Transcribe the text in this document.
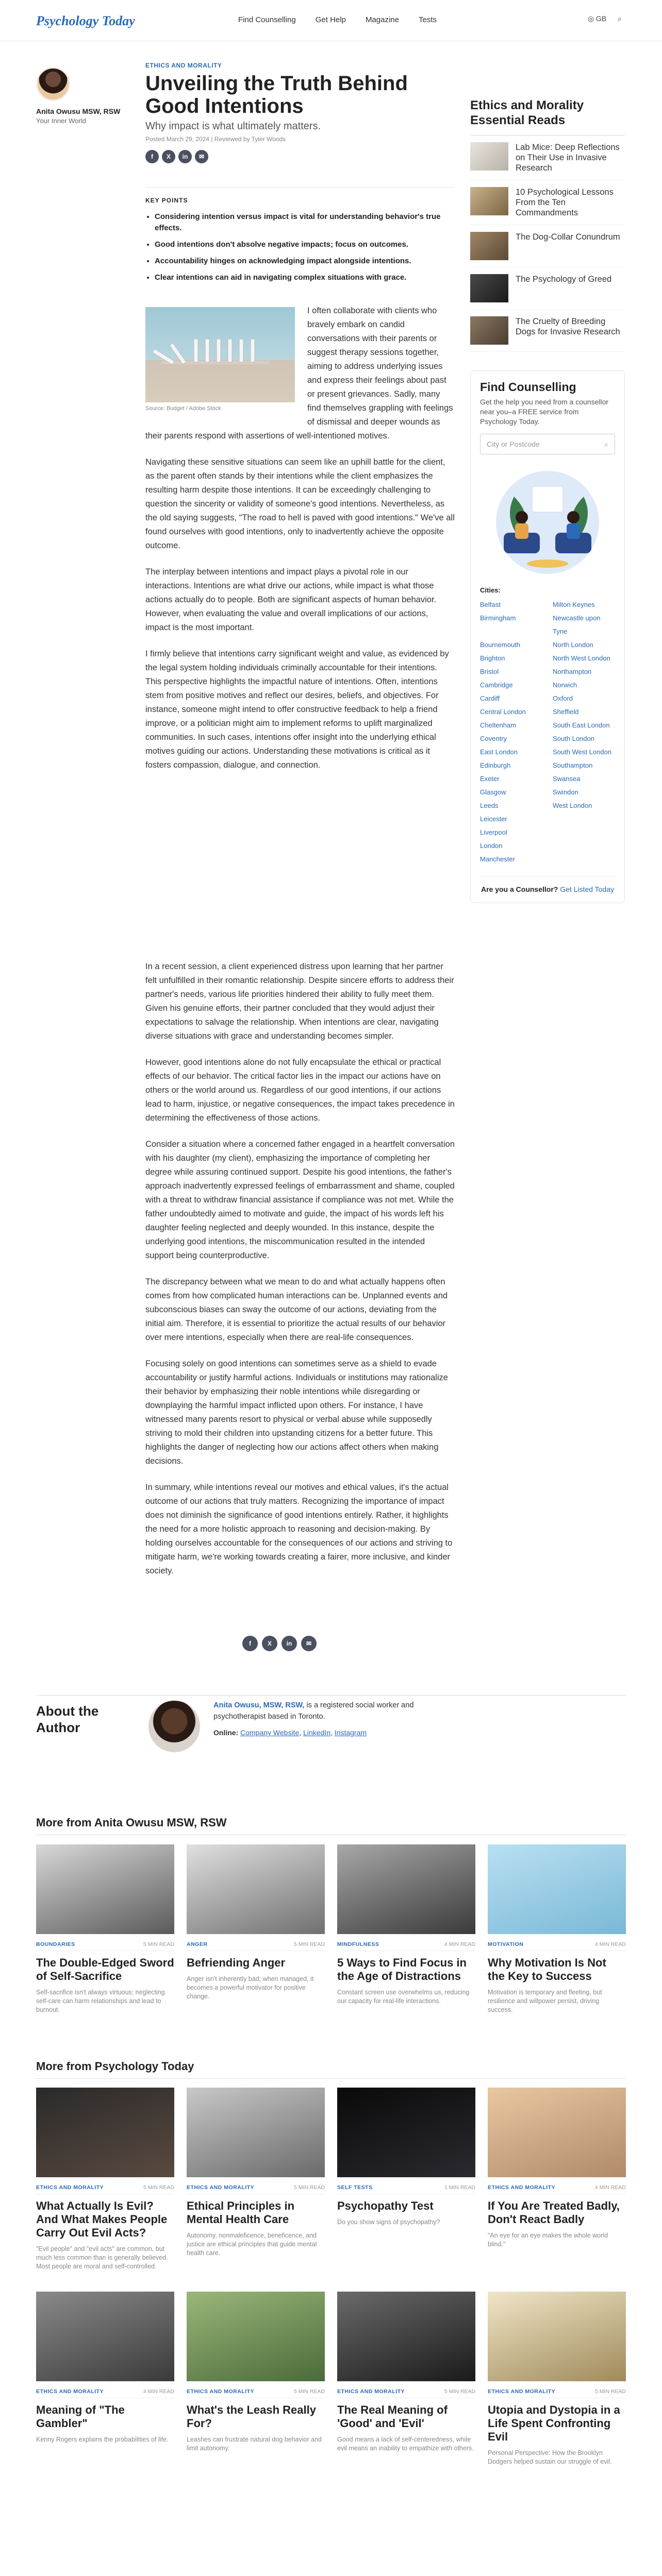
Psychology Today	Find Counselling	Get Help	Magazine	Tests	◎ GB ⌕
Anita Owusu MSW, RSW
Your Inner World
ETHICS AND MORALITY
Unveiling the Truth Behind Good Intentions
Why impact is what ultimately matters.
Posted March 29, 2024 | Reviewed by Tyler Woods
f	X	in	✉
KEY POINTS
• Considering intention versus impact is vital for understanding behavior's true effects.
• Good intentions don't absolve negative impacts; focus on outcomes.
• Accountability hinges on acknowledging impact alongside intentions.
• Clear intentions can aid in navigating complex situations with grace.
Source: Budget / Adobe Stock

I often collaborate with clients who bravely embark on candid conversations with their parents or suggest therapy sessions together, aiming to address underlying issues and express their feelings about past or present grievances. Sadly, many find themselves grappling with feelings of dismissal and deeper wounds as their parents respond with assertions of well-intentioned motives.

Navigating these sensitive situations can seem like an uphill battle for the client, as the parent often stands by their intentions while the client emphasizes the resulting harm despite those intentions. It can be exceedingly challenging to question the sincerity or validity of someone's good intentions. Nevertheless, as the old saying suggests, "The road to hell is paved with good intentions." We've all found ourselves with good intentions, only to inadvertently achieve the opposite outcome.

The interplay between intentions and impact plays a pivotal role in our interactions. Intentions are what drive our actions, while impact is what those actions actually do to people. Both are significant aspects of human behavior. However, when evaluating the value and overall implications of our actions, impact is the most important.

I firmly believe that intentions carry significant weight and value, as evidenced by the legal system holding individuals criminally accountable for their intentions. This perspective highlights the impactful nature of intentions. Often, intentions stem from positive motives and reflect our desires, beliefs, and objectives. For instance, someone might intend to offer constructive feedback to help a friend improve, or a politician might aim to implement reforms to uplift marginalized communities. In such cases, intentions offer insight into the underlying ethical motives guiding our actions. Understanding these motivations is critical as it fosters compassion, dialogue, and connection.

In a recent session, a client experienced distress upon learning that her partner felt unfulfilled in their romantic relationship. Despite sincere efforts to address their partner's needs, various life priorities hindered their ability to fully meet them. Given his genuine efforts, their partner concluded that they would adjust their expectations to salvage the relationship. When intentions are clear, navigating diverse situations with grace and understanding becomes simpler.

However, good intentions alone do not fully encapsulate the ethical or practical effects of our behavior. The critical factor lies in the impact our actions have on others or the world around us. Regardless of our good intentions, if our actions lead to harm, injustice, or negative consequences, the impact takes precedence in determining the effectiveness of those actions.

Consider a situation where a concerned father engaged in a heartfelt conversation with his daughter (my client), emphasizing the importance of completing her degree while assuring continued support. Despite his good intentions, the father's approach inadvertently expressed feelings of embarrassment and shame, coupled with a threat to withdraw financial assistance if compliance was not met. While the father undoubtedly aimed to motivate and guide, the impact of his words left his daughter feeling neglected and deeply wounded. In this instance, despite the underlying good intentions, the miscommunication resulted in the intended support being counterproductive.

The discrepancy between what we mean to do and what actually happens often comes from how complicated human interactions can be. Unplanned events and subconscious biases can sway the outcome of our actions, deviating from the initial aim. Therefore, it is essential to prioritize the actual results of our behavior over mere intentions, especially when there are real-life consequences.

Focusing solely on good intentions can sometimes serve as a shield to evade accountability or justify harmful actions. Individuals or institutions may rationalize their behavior by emphasizing their noble intentions while disregarding or downplaying the harmful impact inflicted upon others. For instance, I have witnessed many parents resort to physical or verbal abuse while supposedly striving to mold their children into upstanding citizens for a better future. This highlights the danger of neglecting how our actions affect others when making decisions.

In summary, while intentions reveal our motives and ethical values, it's the actual outcome of our actions that truly matters. Recognizing the importance of impact does not diminish the significance of good intentions entirely. Rather, it highlights the need for a more holistic approach to reasoning and decision-making. By holding ourselves accountable for the consequences of our actions and striving to mitigate harm, we're working towards creating a fairer, more inclusive, and kinder society.

Ethics and Morality Essential Reads
Lab Mice: Deep Reflections on Their Use in Invasive Research
10 Psychological Lessons From the Ten Commandments
The Dog-Collar Conundrum
The Psychology of Greed
The Cruelty of Breeding Dogs for Invasive Research
Find Counselling
Get the help you need from a counsellor near you–a FREE service from Psychology Today.
City or Postcode	⌕
Cities:
Belfast	Milton Keynes
Birmingham	Newcastle upon Tyne
Bournemouth	North London
Brighton	North West London
Bristol	Northampton
Cambridge	Norwich
Cardiff	Oxford
Central London	Sheffield
Cheltenham	South East London
Coventry	South London
East London	South West London
Edinburgh	Southampton
Exeter	Swansea
Glasgow	Swindon
Leeds	West London
Leicester
Liverpool
London
Manchester
Are you a Counsellor? Get Listed Today
f	X	in	✉
About the Author
Anita Owusu, MSW, RSW, is a registered social worker and psychotherapist based in Toronto.
Online: Company Website, LinkedIn, Instagram
More from Anita Owusu MSW, RSW
BOUNDARIES	5 MIN READ
The Double-Edged Sword of Self-Sacrifice
Self-sacrifice isn't always virtuous; neglecting self-care can harm relationships and lead to burnout.
ANGER	5 MIN READ
Befriending Anger
Anger isn't inherently bad; when managed, it becomes a powerful motivator for positive change.
MINDFULNESS	4 MIN READ
5 Ways to Find Focus in the Age of Distractions
Constant screen use overwhelms us, reducing our capacity for real-life interactions.
MOTIVATION	4 MIN READ
Why Motivation Is Not the Key to Success
Motivation is temporary and fleeting, but resilience and willpower persist, driving success.
More from Psychology Today
ETHICS AND MORALITY	5 MIN READ
What Actually Is Evil? And What Makes People Carry Out Evil Acts?
"Evil people" and "evil acts" are common, but much less common than is generally believed. Most people are moral and self-controlled.
ETHICS AND MORALITY	5 MIN READ
Ethical Principles in Mental Health Care
Autonomy, nonmaleficence, beneficence, and justice are ethical principles that guide mental health care.
SELF TESTS	1 MIN READ
Psychopathy Test
Do you show signs of psychopathy?
ETHICS AND MORALITY	4 MIN READ
If You Are Treated Badly, Don't React Badly
"An eye for an eye makes the whole world blind."
ETHICS AND MORALITY	4 MIN READ
Meaning of "The Gambler"
Kenny Rogers explains the probabilities of life.
ETHICS AND MORALITY	5 MIN READ
What's the Leash Really For?
Leashes can frustrate natural dog behavior and limit autonomy.
ETHICS AND MORALITY	5 MIN READ
The Real Meaning of 'Good' and 'Evil'
Good means a lack of self-centeredness, while evil means an inability to empathize with others.
ETHICS AND MORALITY	5 MIN READ
Utopia and Dystopia in a Life Spent Confronting Evil
Personal Perspective: How the Brooklyn Dodgers helped sustain our struggle of evil.
